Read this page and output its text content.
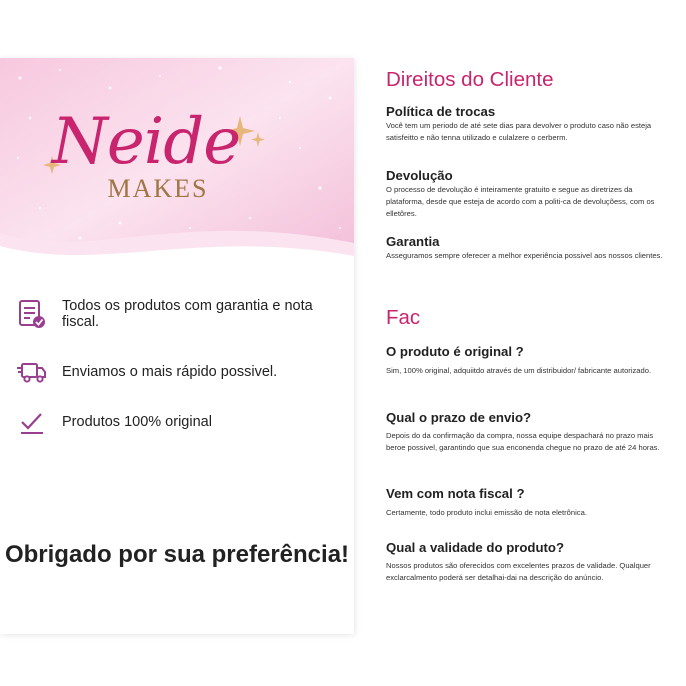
Neide
MAKES
Todos os produtos com garantia e nota fiscal.
Enviamos o mais rápido possivel.
Produtos 100% original
Obrigado por sua preferência!
Direitos do Cliente
Política de trocas
Você tem um periodo de até sete dias para devolver o produto caso não esteja satisfeitto e não tenna utilizado e culalzere o cerberm.
Devolução
O processo de devolução é inteiramente gratuito e segue as diretrizes da plataforma, desde que esteja de acordo com a politi-ca de devoluçõess, com os elletôres.
Garantia
Asseguramos sempre oferecer a melhor experiência possivel aos nossos clientes.
Fac
O produto é original ?
Sim, 100% original, adquiitdo através de um distribuidor/ fabricante autorizado.
Qual o prazo de envio?
Depois do da confirmação da compra, nossa equipe despachará no prazo mais beroe possivel, garantindo que sua enconenda chegue no prazo de até 24 horas.
Vem com nota fiscal ?
Certamente, todo produto inclui emissão de nota eletrônica.
Qual a validade do produto?
Nossos produtos são oferecidos com excelentes prazos de validade. Qualquer exclarcalmento poderá ser detalhai-dai na descrição do anúncio.
